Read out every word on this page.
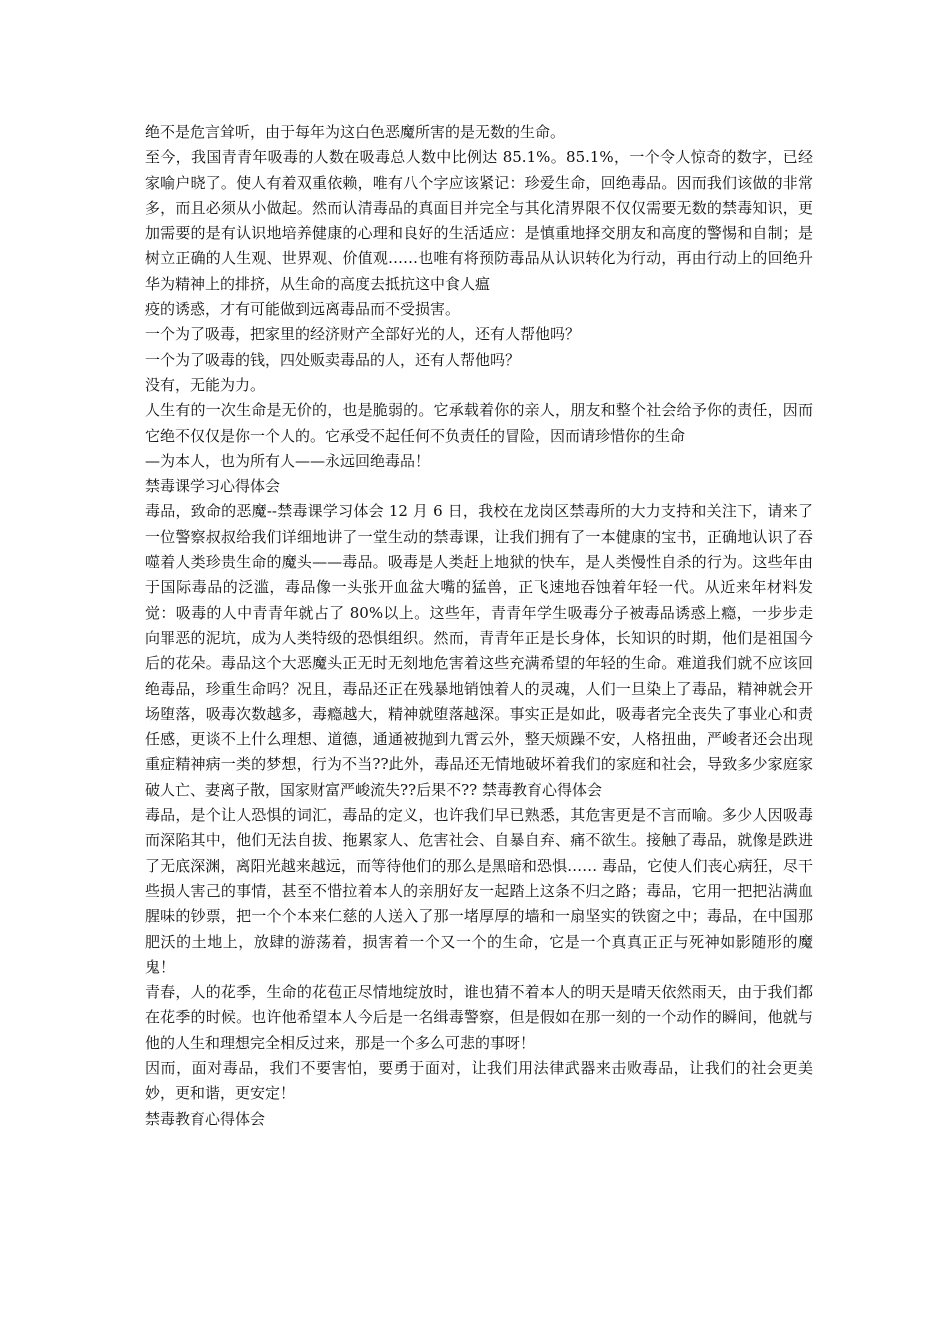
绝不是危言耸听，由于每年为这白色恶魔所害的是无数的生命。

至今，我国青青年吸毒的人数在吸毒总人数中比例达 85.1%。85.1%，一个令人惊奇的数字，已经家喻户晓了。使人有着双重依赖，唯有八个字应该紧记：珍爱生命，回绝毒品。因而我们该做的非常多，而且必须从小做起。然而认清毒品的真面目并完全与其化清界限不仅仅需要无数的禁毒知识，更加需要的是有认识地培养健康的心理和良好的生活适应：是慎重地择交朋友和高度的警惕和自制；是树立正确的人生观、世界观、价值观……也唯有将预防毒品从认识转化为行动，再由行动上的回绝升华为精神上的排挤，从生命的高度去抵抗这中食人瘟

疫的诱惑，才有可能做到远离毒品而不受损害。

一个为了吸毒，把家里的经济财产全部好光的人，还有人帮他吗？

一个为了吸毒的钱，四处贩卖毒品的人，还有人帮他吗？

没有，无能为力。

人生有的一次生命是无价的，也是脆弱的。它承载着你的亲人，朋友和整个社会给予你的责任，因而它绝不仅仅是你一个人的。它承受不起任何不负责任的冒险，因而请珍惜你的生命

—为本人，也为所有人——永远回绝毒品！

禁毒课学习心得体会

毒品，致命的恶魔--禁毒课学习体会 12 月 6 日，我校在龙岗区禁毒所的大力支持和关注下，请来了一位警察叔叔给我们详细地讲了一堂生动的禁毒课，让我们拥有了一本健康的宝书，正确地认识了吞噬着人类珍贵生命的魔头——毒品。吸毒是人类赶上地狱的快车，是人类慢性自杀的行为。这些年由于国际毒品的泛滥，毒品像一头张开血盆大嘴的猛兽，正飞速地吞蚀着年轻一代。从近来年材料发觉：吸毒的人中青青年就占了 80%以上。这些年，青青年学生吸毒分子被毒品诱惑上瘾，一步步走向罪恶的泥坑，成为人类特级的恐惧组织。然而，青青年正是长身体，长知识的时期，他们是祖国今后的花朵。毒品这个大恶魔头正无时无刻地危害着这些充满希望的年轻的生命。难道我们就不应该回绝毒品，珍重生命吗？况且，毒品还正在残暴地销蚀着人的灵魂，人们一旦染上了毒品，精神就会开场堕落，吸毒次数越多，毒瘾越大，精神就堕落越深。事实正是如此，吸毒者完全丧失了事业心和责任感，更谈不上什么理想、道德，通通被抛到九霄云外，整天烦躁不安，人格扭曲，严峻者还会出现重症精神病一类的梦想，行为不当??此外，毒品还无情地破坏着我们的家庭和社会，导致多少家庭家破人亡、妻离子散，国家财富严峻流失??后果不?? 禁毒教育心得体会

毒品，是个让人恐惧的词汇，毒品的定义，也许我们早已熟悉，其危害更是不言而喻。多少人因吸毒而深陷其中，他们无法自拔、拖累家人、危害社会、自暴自弃、痛不欲生。接触了毒品，就像是跌进了无底深渊，离阳光越来越远，而等待他们的那么是黑暗和恐惧…… 毒品，它使人们丧心病狂，尽干些损人害己的事情，甚至不惜拉着本人的亲朋好友一起踏上这条不归之路；毒品，它用一把把沾满血腥味的钞票，把一个个本来仁慈的人送入了那一堵厚厚的墙和一扇坚实的铁窗之中；毒品，在中国那肥沃的土地上，放肆的游荡着，损害着一个又一个的生命，它是一个真真正正与死神如影随形的魔鬼！

青春，人的花季，生命的花苞正尽情地绽放时，谁也猜不着本人的明天是晴天依然雨天，由于我们都在花季的时候。也许他希望本人今后是一名缉毒警察，但是假如在那一刻的一个动作的瞬间，他就与他的人生和理想完全相反过来，那是一个多么可悲的事呀！

因而，面对毒品，我们不要害怕，要勇于面对，让我们用法律武器来击败毒品，让我们的社会更美妙，更和谐，更安定！

禁毒教育心得体会
